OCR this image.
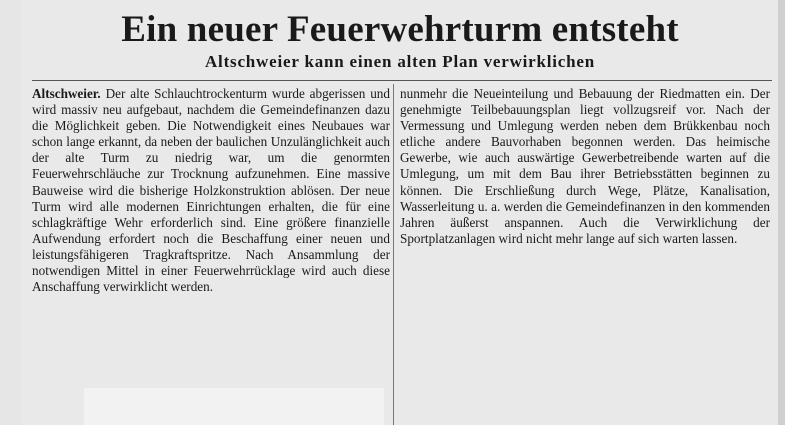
Ein neuer Feuerwehrturm entsteht
Altschweier kann einen alten Plan verwirklichen

Altschweier. Der alte Schlauchtrockenturm wurde abgerissen und wird massiv neu aufgebaut, nachdem die Gemeindefinanzen dazu die Möglichkeit geben. Die Notwendigkeit eines Neubaues war schon lange erkannt, da neben der baulichen Unzulänglichkeit auch der alte Turm zu niedrig war, um die genormten Feuerwehrschläuche zur Trocknung aufzunehmen. Eine massive Bauweise wird die bisherige Holzkonstruktion ablösen. Der neue Turm wird alle modernen Einrichtungen erhalten, die für eine schlagkräftige Wehr erforderlich sind. Eine größere finanzielle Aufwendung erfordert noch die Beschaffung einer neuen und leistungsfähigeren Tragkraftspritze. Nach Ansammlung der notwendigen Mittel in einer Feuerwehrrücklage wird auch diese Anschaffung verwirklicht werden.

nunmehr die Neueinteilung und Bebauung der Riedmatten ein. Der genehmigte Teilbebauungsplan liegt vollzugsreif vor. Nach der Vermessung und Umlegung werden neben dem Brükkenbau noch etliche andere Bauvorhaben begonnen werden. Das heimische Gewerbe, wie auch auswärtige Gewerbetreibende warten auf die Umlegung, um mit dem Bau ihrer Betriebsstätten beginnen zu können. Die Erschließung durch Wege, Plätze, Kanalisation, Wasserleitung u. a. werden die Gemeindefinanzen in den kommenden Jahren äußerst anspannen. Auch die Verwirklichung der Sportplatzanlagen wird nicht mehr lange auf sich warten lassen.
